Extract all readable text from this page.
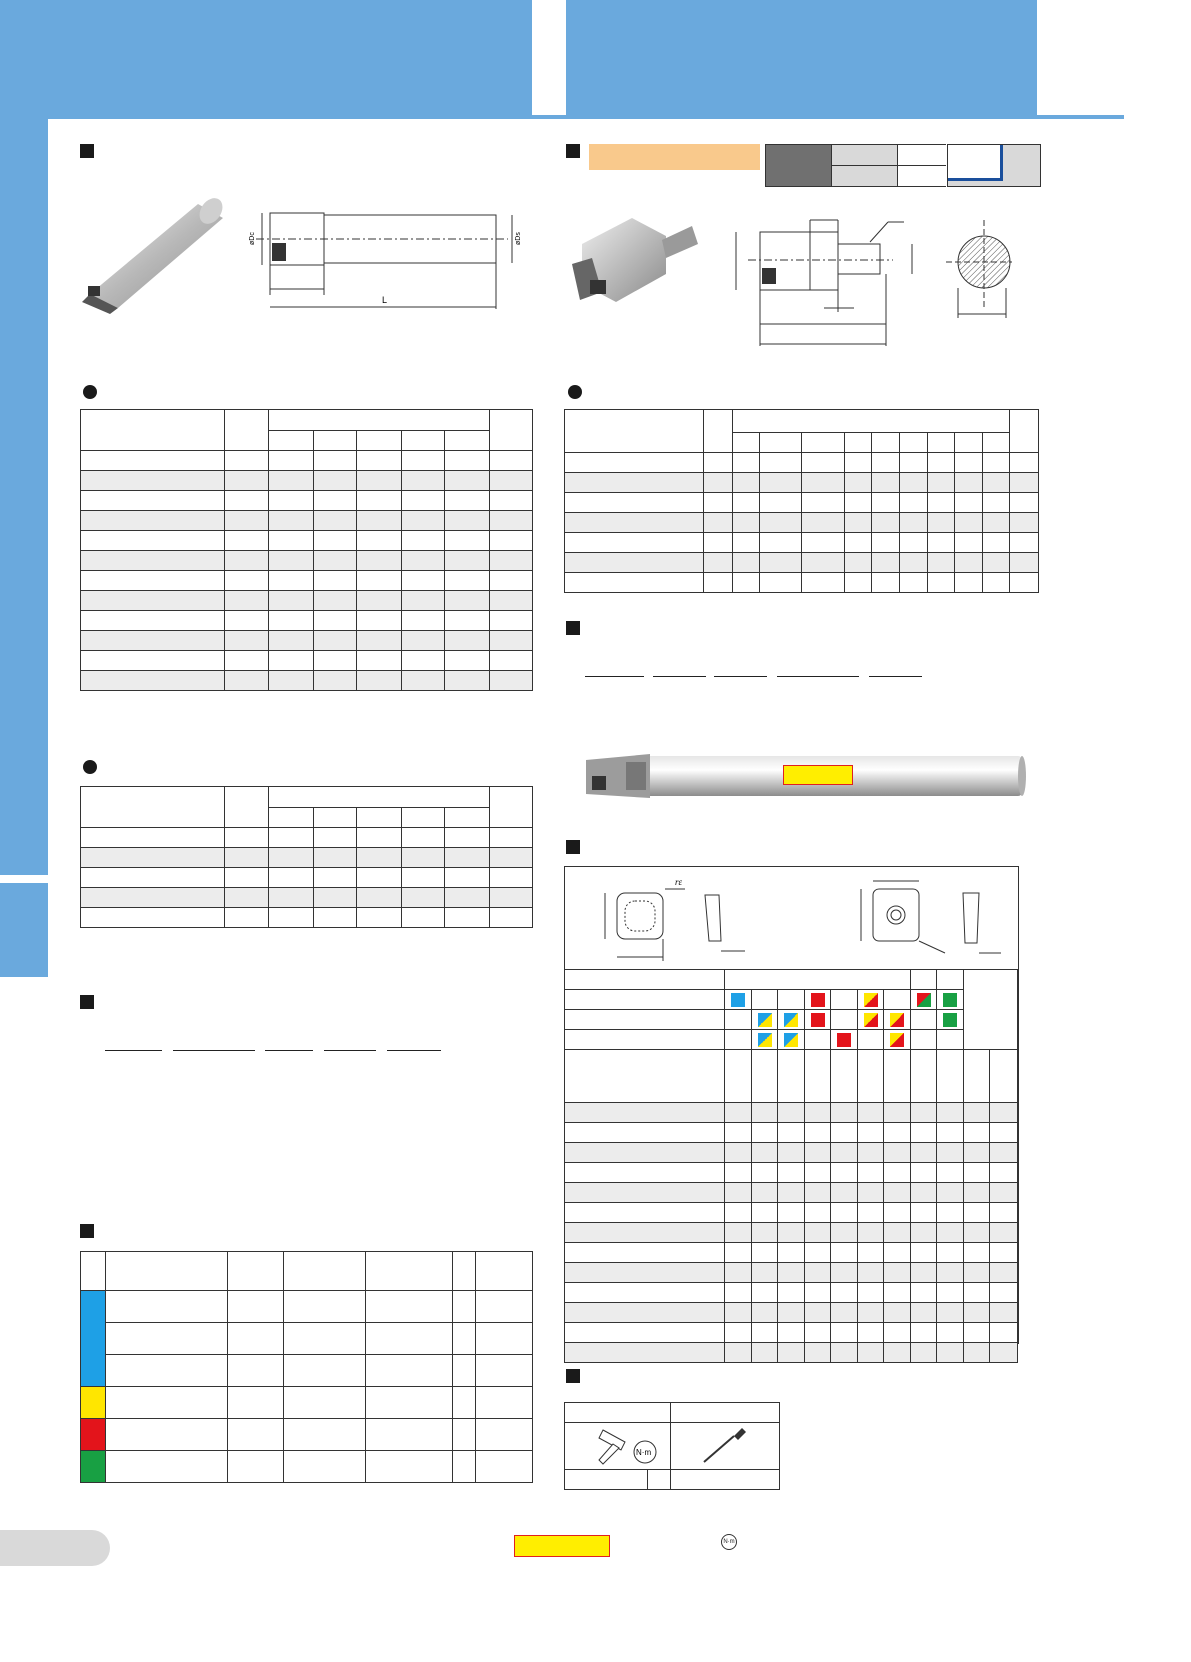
L
øDc	øDs

rε

N·m

N·m
